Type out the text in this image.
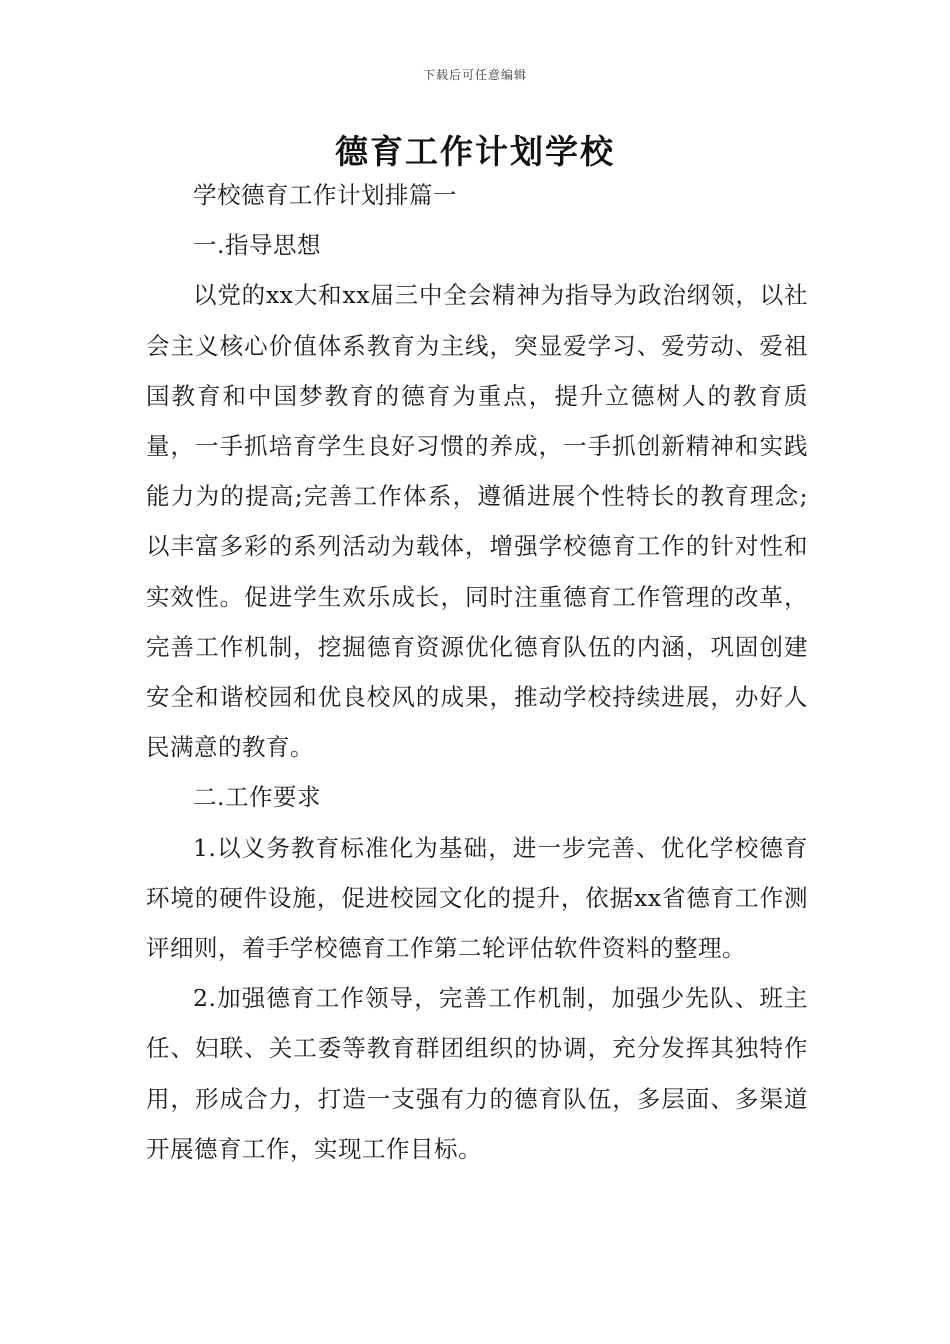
下载后可任意编辑
德育工作计划学校

学校德育工作计划排篇一

一.指导思想

以党的xx大和xx届三中全会精神为指导为政治纲领，以社会主义核心价值体系教育为主线，突显爱学习、爱劳动、爱祖国教育和中国梦教育的德育为重点，提升立德树人的教育质量，一手抓培育学生良好习惯的养成，一手抓创新精神和实践能力为的提高;完善工作体系，遵循进展个性特长的教育理念;以丰富多彩的系列活动为载体，增强学校德育工作的针对性和实效性。促进学生欢乐成长，同时注重德育工作管理的改革，完善工作机制，挖掘德育资源优化德育队伍的内涵，巩固创建安全和谐校园和优良校风的成果，推动学校持续进展，办好人民满意的教育。

二.工作要求

1.以义务教育标准化为基础，进一步完善、优化学校德育环境的硬件设施，促进校园文化的提升，依据xx省德育工作测评细则，着手学校德育工作第二轮评估软件资料的整理。

2.加强德育工作领导，完善工作机制，加强少先队、班主任、妇联、关工委等教育群团组织的协调，充分发挥其独特作用，形成合力，打造一支强有力的德育队伍，多层面、多渠道开展德育工作，实现工作目标。
